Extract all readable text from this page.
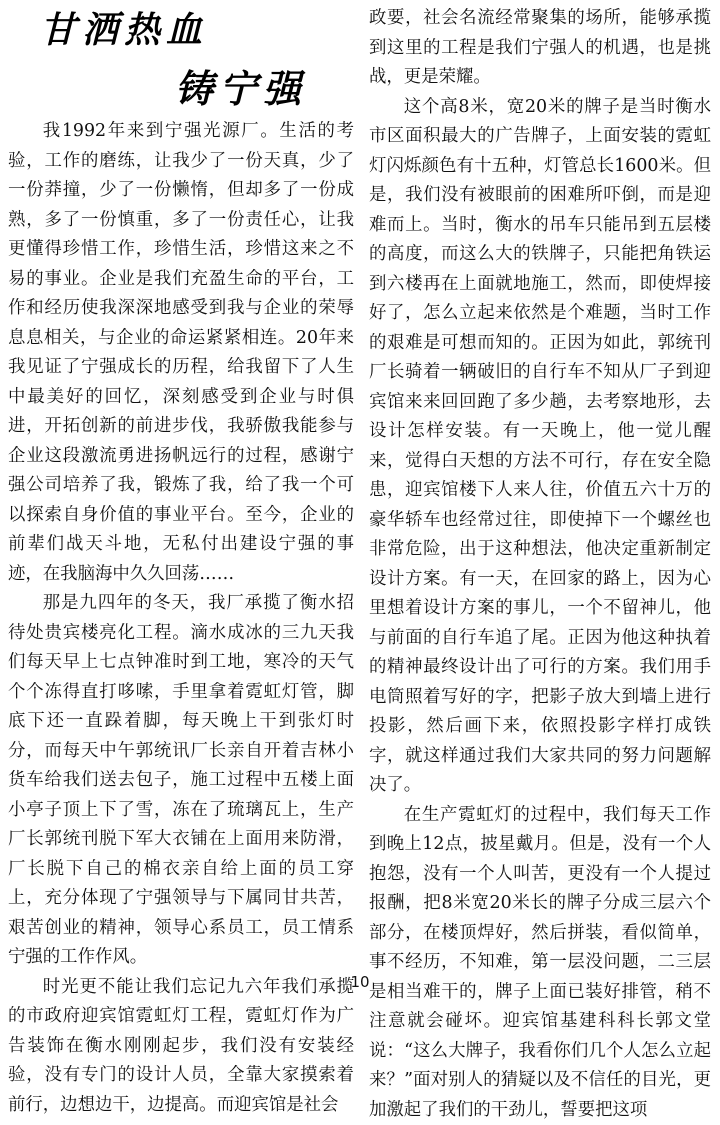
甘洒热血
铸宁强

我1992年来到宁强光源厂。生活的考验，工作的磨练，让我少了一份天真，少了一份莽撞，少了一份懒惰，但却多了一份成熟，多了一份慎重，多了一份责任心，让我更懂得珍惜工作，珍惜生活，珍惜这来之不易的事业。企业是我们充盈生命的平台，工作和经历使我深深地感受到我与企业的荣辱息息相关，与企业的命运紧紧相连。20年来我见证了宁强成长的历程，给我留下了人生中最美好的回忆，深刻感受到企业与时俱进，开拓创新的前进步伐，我骄傲我能参与企业这段激流勇进扬帆远行的过程，感谢宁强公司培养了我，锻炼了我，给了我一个可以探索自身价值的事业平台。至今，企业的前辈们战天斗地，无私付出建设宁强的事迹，在我脑海中久久回荡……

那是九四年的冬天，我厂承揽了衡水招待处贵宾楼亮化工程。滴水成冰的三九天我们每天早上七点钟准时到工地，寒冷的天气个个冻得直打哆嗦，手里拿着霓虹灯管，脚底下还一直跺着脚，每天晚上干到张灯时分，而每天中午郭统讯厂长亲自开着吉林小货车给我们送去包子，施工过程中五楼上面小亭子顶上下了雪，冻在了琉璃瓦上，生产厂长郭统刊脱下军大衣铺在上面用来防滑，厂长脱下自己的棉衣亲自给上面的员工穿上，充分体现了宁强领导与下属同甘共苦，艰苦创业的精神，领导心系员工，员工情系宁强的工作作风。

时光更不能让我们忘记九六年我们承揽的市政府迎宾馆霓虹灯工程，霓虹灯作为广告装饰在衡水刚刚起步，我们没有安装经验，没有专门的设计人员，全靠大家摸索着前行，边想边干，边提高。而迎宾馆是社会

政要，社会名流经常聚集的场所，能够承揽到这里的工程是我们宁强人的机遇，也是挑战，更是荣耀。

这个高8米，宽20米的牌子是当时衡水市区面积最大的广告牌子，上面安装的霓虹灯闪烁颜色有十五种，灯管总长1600米。但是，我们没有被眼前的困难所吓倒，而是迎难而上。当时，衡水的吊车只能吊到五层楼的高度，而这么大的铁牌子，只能把角铁运到六楼再在上面就地施工，然而，即使焊接好了，怎么立起来依然是个难题，当时工作的艰难是可想而知的。正因为如此，郭统刊厂长骑着一辆破旧的自行车不知从厂子到迎宾馆来来回回跑了多少趟，去考察地形，去设计怎样安装。有一天晚上，他一觉儿醒来，觉得白天想的方法不可行，存在安全隐患，迎宾馆楼下人来人往，价值五六十万的豪华轿车也经常过往，即使掉下一个螺丝也非常危险，出于这种想法，他决定重新制定设计方案。有一天，在回家的路上，因为心里想着设计方案的事儿，一个不留神儿，他与前面的自行车追了尾。正因为他这种执着的精神最终设计出了可行的方案。我们用手电筒照着写好的字，把影子放大到墙上进行投影，然后画下来，依照投影字样打成铁字，就这样通过我们大家共同的努力问题解决了。

在生产霓虹灯的过程中，我们每天工作到晚上12点，披星戴月。但是，没有一个人抱怨，没有一个人叫苦，更没有一个人提过报酬，把8米宽20米长的牌子分成三层六个部分，在楼顶焊好，然后拼装，看似简单，事不经历，不知难，第一层没问题，二三层是相当难干的，牌子上面已装好排管，稍不注意就会碰坏。迎宾馆基建科科长郭文堂说：“这么大牌子，我看你们几个人怎么立起来？”面对别人的猜疑以及不信任的目光，更加激起了我们的干劲儿，誓要把这项

10
